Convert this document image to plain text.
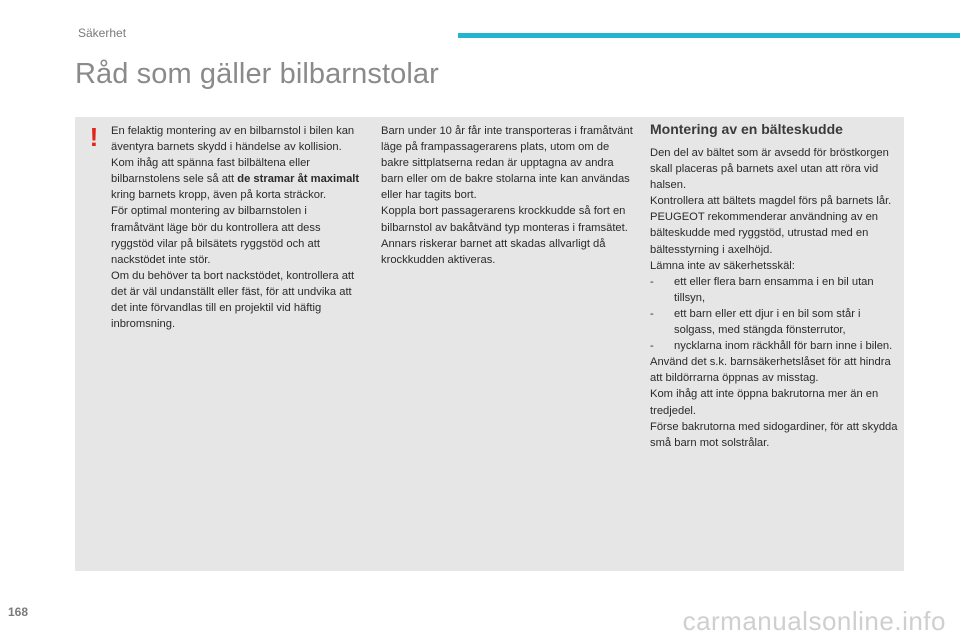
Säkerhet
Råd som gäller bilbarnstolar
! En felaktig montering av en bilbarnstol i bilen kan äventyra barnets skydd i händelse av kollision.

Kom ihåg att spänna fast bilbältena eller bilbarnstolens sele så att de stramar åt maximalt kring barnets kropp, även på korta sträckor.

För optimal montering av bilbarnstolen i framåtvänt läge bör du kontrollera att dess ryggstöd vilar på bilsätets ryggstöd och att nackstödet inte stör.

Om du behöver ta bort nackstödet, kontrollera att det är väl undanställt eller fäst, för att undvika att det inte förvandlas till en projektil vid häftig inbromsning.

Barn under 10 år får inte transporteras i framåtvänt läge på frampassagerarens plats, utom om de bakre sittplatserna redan är upptagna av andra barn eller om de bakre stolarna inte kan användas eller har tagits bort.

Koppla bort passagerarens krockkudde så fort en bilbarnstol av bakåtvänd typ monteras i framsätet. Annars riskerar barnet att skadas allvarligt då krockkudden aktiveras.

Montering av en bälteskudde

Den del av bältet som är avsedd för bröstkorgen skall placeras på barnets axel utan att röra vid halsen.

Kontrollera att bältets magdel förs på barnets lår.

PEUGEOT rekommenderar användning av en bälteskudde med ryggstöd, utrustad med en bältesstyrning i axelhöjd.

Lämna inte av säkerhetsskäl:

- ett eller flera barn ensamma i en bil utan tillsyn,
- ett barn eller ett djur i en bil som står i solgass, med stängda fönsterrutor,
- nycklarna inom räckhåll för barn inne i bilen.

Använd det s.k. barnsäkerhetslåset för att hindra att bildörrarna öppnas av misstag.

Kom ihåg att inte öppna bakrutorna mer än en tredjedel.

Förse bakrutorna med sidogardiner, för att skydda små barn mot solstrålar.

168	carmanualsonline.info
